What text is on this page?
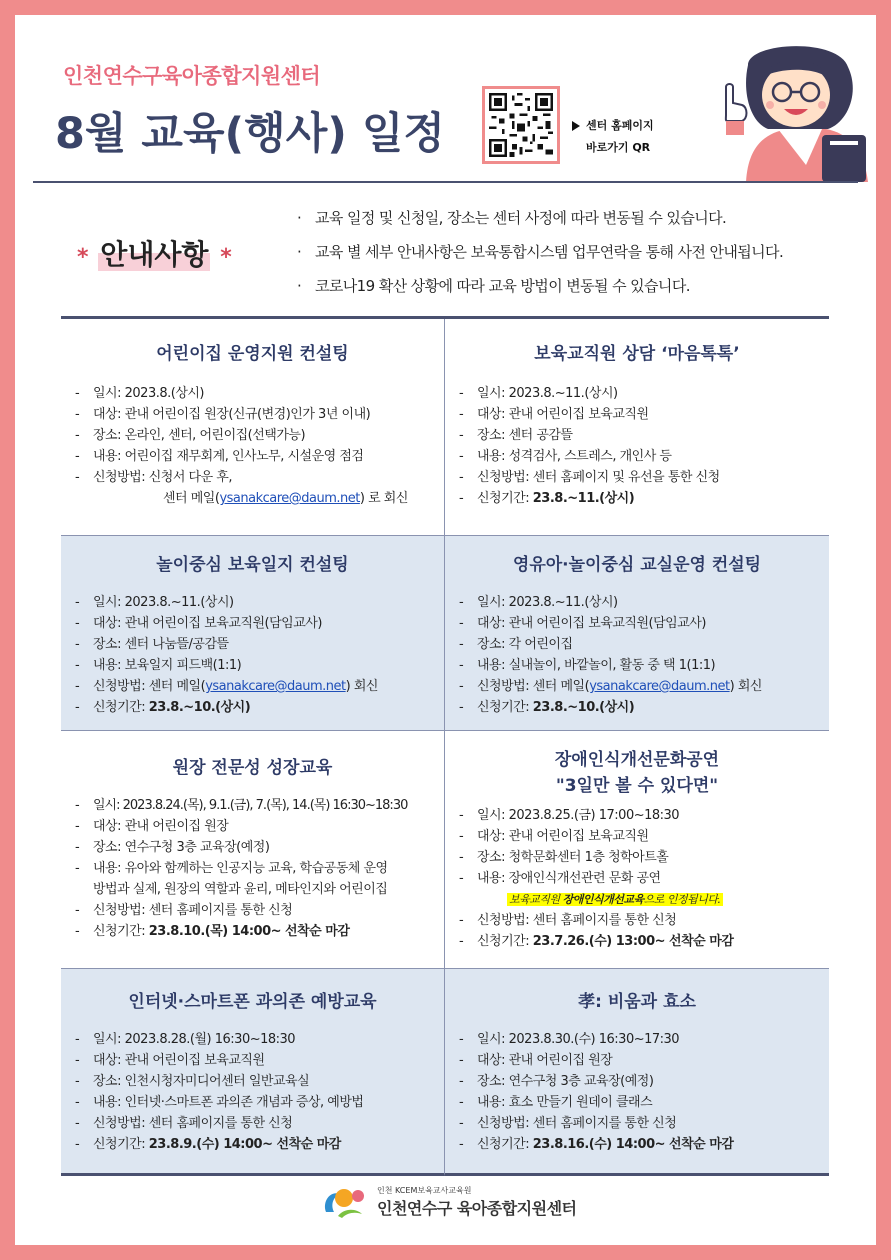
인천연수구육아종합지원센터
8월 교육(행사) 일정	센터 홈페이지
바로가기 QR
* 안내사항 *
· 교육 일정 및 신청일, 장소는 센터 사정에 따라 변동될 수 있습니다.
· 교육 별 세부 안내사항은 보육통합시스템 업무연락을 통해 사전 안내됩니다.
· 코로나19 확산 상황에 따라 교육 방법이 변동될 수 있습니다.
어린이집 운영지원 컨설팅
- 일시: 2023.8.(상시)
- 대상: 관내 어린이집 원장(신규(변경)인가 3년 이내)
- 장소: 온라인, 센터, 어린이집(선택가능)
- 내용: 어린이집 재무회계, 인사노무, 시설운영 점검
- 신청방법: 신청서 다운 후,
센터 메일(ysanakcare@daum.net) 로 회신
보육교직원 상담 ‘마음톡톡’
- 일시: 2023.8.~11.(상시)
- 대상: 관내 어린이집 보육교직원
- 장소: 센터 공감뜰
- 내용: 성격검사, 스트레스, 개인사 등
- 신청방법: 센터 홈페이지 및 유선을 통한 신청
- 신청기간: 23.8.~11.(상시)
놀이중심 보육일지 컨설팅
- 일시: 2023.8.~11.(상시)
- 대상: 관내 어린이집 보육교직원(담임교사)
- 장소: 센터 나눔뜰/공감뜰
- 내용: 보육일지 피드백(1:1)
- 신청방법: 센터 메일(ysanakcare@daum.net) 회신
- 신청기간: 23.8.~10.(상시)
영유아·놀이중심 교실운영 컨설팅
- 일시: 2023.8.~11.(상시)
- 대상: 관내 어린이집 보육교직원(담임교사)
- 장소: 각 어린이집
- 내용: 실내놀이, 바깥놀이, 활동 중 택 1(1:1)
- 신청방법: 센터 메일(ysanakcare@daum.net) 회신
- 신청기간: 23.8.~10.(상시)
원장 전문성 성장교육
- 일시: 2023.8.24.(목), 9.1.(금), 7.(목), 14.(목) 16:30~18:30
- 대상: 관내 어린이집 원장
- 장소: 연수구청 3층 교육장(예정)
- 내용: 유아와 함께하는 인공지능 교육, 학습공동체 운영
방법과 실제, 원장의 역할과 윤리, 메타인지와 어린이집
- 신청방법: 센터 홈페이지를 통한 신청
- 신청기간: 23.8.10.(목) 14:00~ 선착순 마감
장애인식개선문화공연
"3일만 볼 수 있다면"
- 일시: 2023.8.25.(금) 17:00~18:30
- 대상: 관내 어린이집 보육교직원
- 장소: 청학문화센터 1층 청학아트홀
- 내용: 장애인식개선관련 문화 공연
보육교직원 장애인식개선교육으로 인정됩니다.
- 신청방법: 센터 홈페이지를 통한 신청
- 신청기간: 23.7.26.(수) 13:00~ 선착순 마감
인터넷·스마트폰 과의존 예방교육
- 일시: 2023.8.28.(월) 16:30~18:30
- 대상: 관내 어린이집 보육교직원
- 장소: 인천시청자미디어센터 일반교육실
- 내용: 인터넷·스마트폰 과의존 개념과 증상, 예방법
- 신청방법: 센터 홈페이지를 통한 신청
- 신청기간: 23.8.9.(수) 14:00~ 선착순 마감
孝: 비움과 효소
- 일시: 2023.8.30.(수) 16:30~17:30
- 대상: 관내 어린이집 원장
- 장소: 연수구청 3층 교육장(예정)
- 내용: 효소 만들기 원데이 클래스
- 신청방법: 센터 홈페이지를 통한 신청
- 신청기간: 23.8.16.(수) 14:00~ 선착순 마감
인천 KCEM보육교사교육원
인천연수구 육아종합지원센터
